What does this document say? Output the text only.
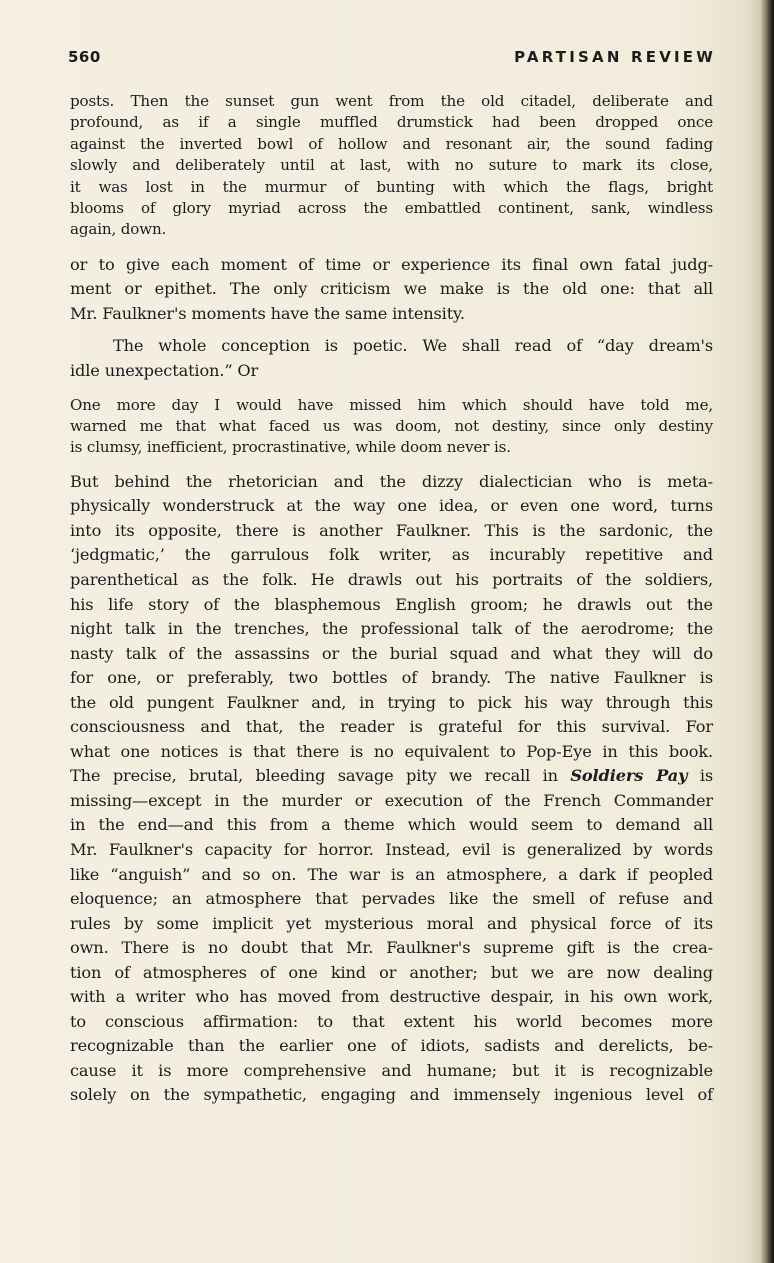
560	PARTISAN REVIEW

posts. Then the sunset gun went from the old citadel, deliberate and
profound, as if a single muffled drumstick had been dropped once
against the inverted bowl of hollow and resonant air, the sound fading
slowly and deliberately until at last, with no suture to mark its close,
it was lost in the murmur of bunting with which the flags, bright
blooms of glory myriad across the embattled continent, sank, windless
again, down.

or to give each moment of time or experience its final own fatal judg-
ment or epithet. The only criticism we make is the old one: that all
Mr. Faulkner's moments have the same intensity.

The whole conception is poetic. We shall read of “day dream's
idle unexpectation.” Or

One more day I would have missed him which should have told me,
warned me that what faced us was doom, not destiny, since only destiny
is clumsy, inefficient, procrastinative, while doom never is.

But behind the rhetorician and the dizzy dialectician who is meta-
physically wonderstruck at the way one idea, or even one word, turns
into its opposite, there is another Faulkner. This is the sardonic, the
‘jedgmatic,’ the garrulous folk writer, as incurably repetitive and
parenthetical as the folk. He drawls out his portraits of the soldiers,
his life story of the blasphemous English groom; he drawls out the
night talk in the trenches, the professional talk of the aerodrome; the
nasty talk of the assassins or the burial squad and what they will do
for one, or preferably, two bottles of brandy. The native Faulkner is
the old pungent Faulkner and, in trying to pick his way through this
consciousness and that, the reader is grateful for this survival. For
what one notices is that there is no equivalent to Pop-Eye in this book.
The precise, brutal, bleeding savage pity we recall in Soldiers Pay is
missing—except in the murder or execution of the French Commander
in the end—and this from a theme which would seem to demand all
Mr. Faulkner's capacity for horror. Instead, evil is generalized by words
like “anguish” and so on. The war is an atmosphere, a dark if peopled
eloquence; an atmosphere that pervades like the smell of refuse and
rules by some implicit yet mysterious moral and physical force of its
own. There is no doubt that Mr. Faulkner's supreme gift is the crea-
tion of atmospheres of one kind or another; but we are now dealing
with a writer who has moved from destructive despair, in his own work,
to conscious affirmation: to that extent his world becomes more
recognizable than the earlier one of idiots, sadists and derelicts, be-
cause it is more comprehensive and humane; but it is recognizable
solely on the sympathetic, engaging and immensely ingenious level of
